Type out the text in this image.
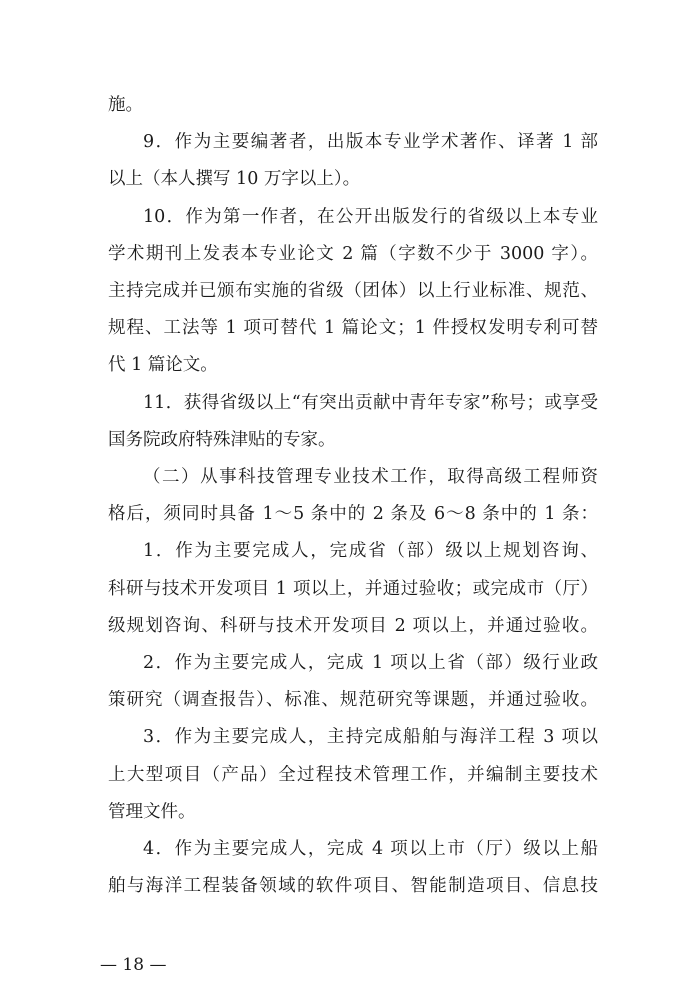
施。
9．作为主要编著者，出版本专业学术著作、译著 1 部
以上（本人撰写 10 万字以上）。
10．作为第一作者，在公开出版发行的省级以上本专业
学术期刊上发表本专业论文 2 篇（字数不少于 3000 字）。
主持完成并已颁布实施的省级（团体）以上行业标准、规范、
规程、工法等 1 项可替代 1 篇论文；1 件授权发明专利可替
代 1 篇论文。
11．获得省级以上“有突出贡献中青年专家”称号；或享受
国务院政府特殊津贴的专家。
（二）从事科技管理专业技术工作，取得高级工程师资
格后，须同时具备 1～5 条中的 2 条及 6～8 条中的 1 条：
1．作为主要完成人，完成省（部）级以上规划咨询、
科研与技术开发项目 1 项以上，并通过验收；或完成市（厅）
级规划咨询、科研与技术开发项目 2 项以上，并通过验收。
2．作为主要完成人，完成 1 项以上省（部）级行业政
策研究（调查报告）、标准、规范研究等课题，并通过验收。
3．作为主要完成人，主持完成船舶与海洋工程 3 项以
上大型项目（产品）全过程技术管理工作，并编制主要技术
管理文件。
4．作为主要完成人，完成 4 项以上市（厅）级以上船
舶与海洋工程装备领域的软件项目、智能制造项目、信息技
— 18 —
